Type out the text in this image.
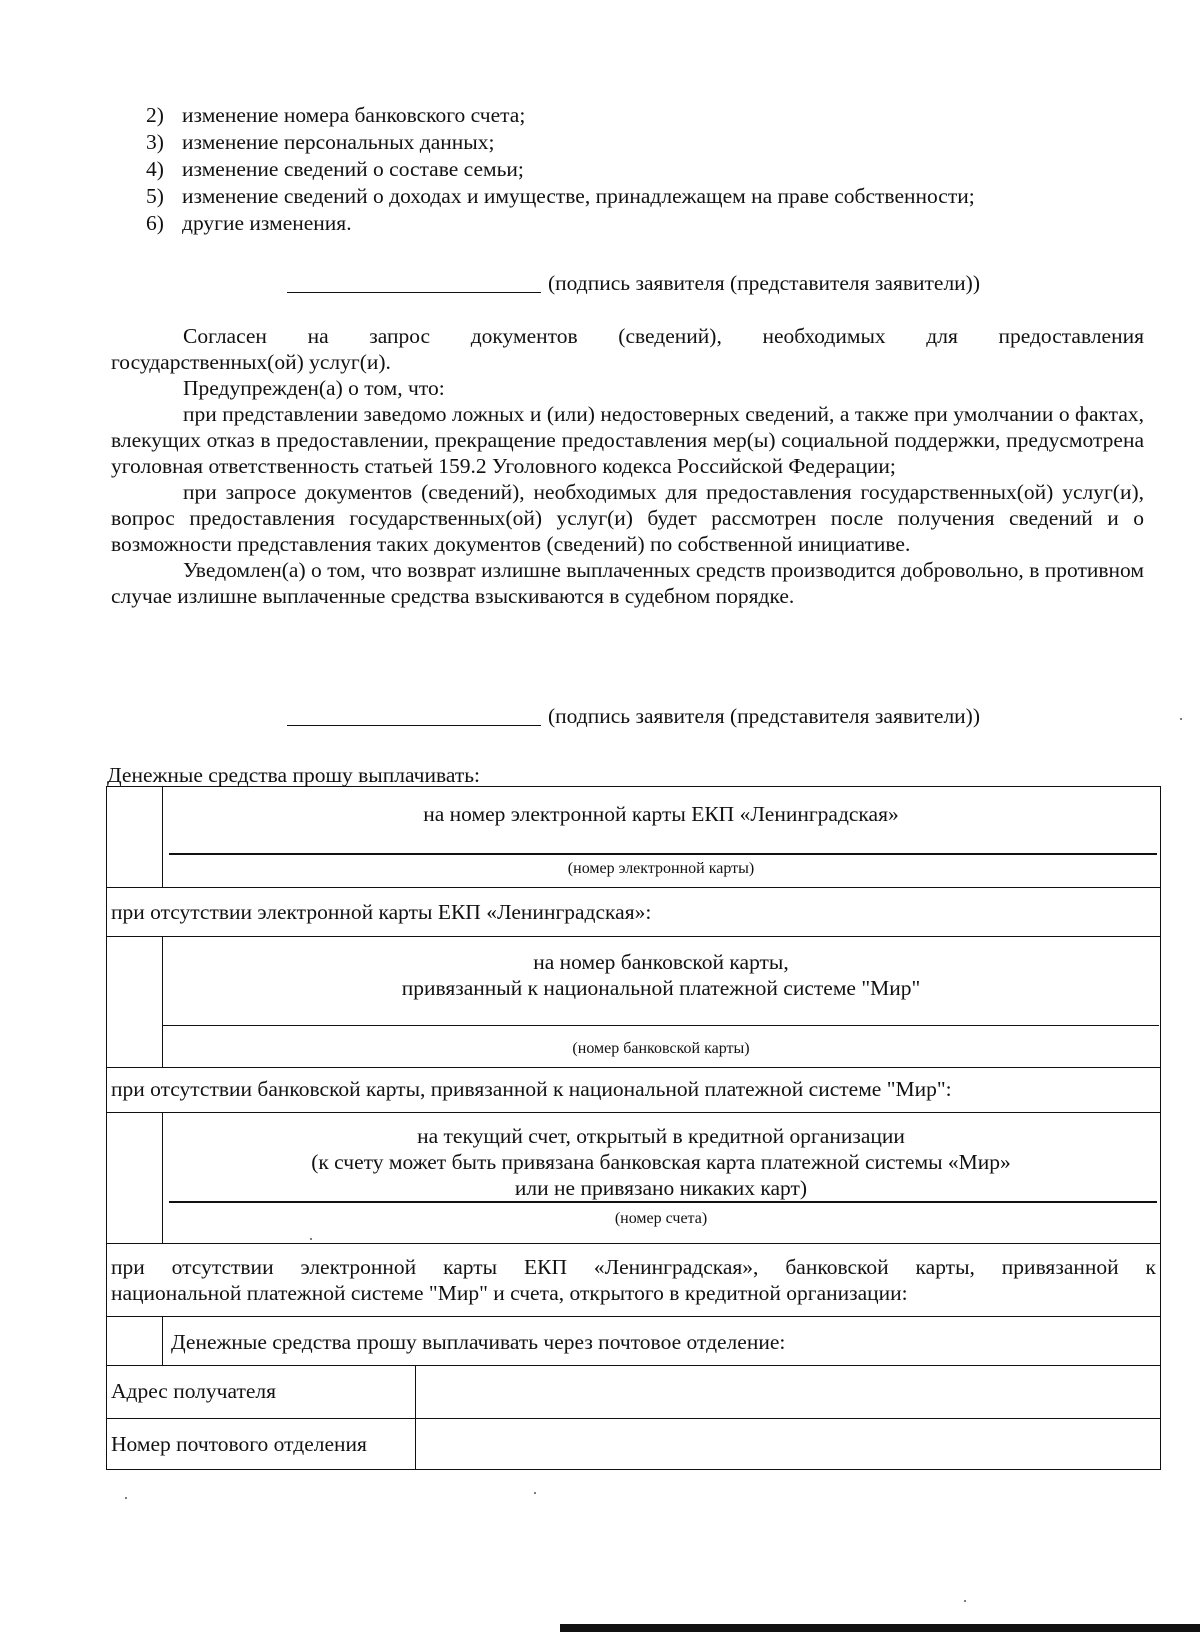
2) изменение номера банковского счета;
3) изменение персональных данных;
4) изменение сведений о составе семьи;
5) изменение сведений о доходах и имуществе, принадлежащем на праве собственности;
6) другие изменения.
(подпись заявителя (представителя заявители))

Согласен на запрос документов (сведений), необходимых для предоставления

государственных(ой) услуг(и).

Предупрежден(а) о том, что:

при представлении заведомо ложных и (или) недостоверных сведений, а также при умолчании о фактах, влекущих отказ в предоставлении, прекращение предоставления мер(ы) социальной поддержки, предусмотрена уголовная ответственность статьей 159.2 Уголовного кодекса Российской Федерации;

при запросе документов (сведений), необходимых для предоставления государственных(ой) услуг(и), вопрос предоставления государственных(ой) услуг(и) будет рассмотрен после получения сведений и о возможности представления таких документов (сведений) по собственной инициативе.

Уведомлен(а) о том, что возврат излишне выплаченных средств производится добровольно, в противном случае излишне выплаченные средства взыскиваются в судебном порядке.

(подпись заявителя (представителя заявители))
Денежные средства прошу выплачивать:
на номер электронной карты ЕКП «Ленинградская»
(номер электронной карты)
при отсутствии электронной карты ЕКП «Ленинградская»:
на номер банковской карты,
привязанный к национальной платежной системе "Мир"
(номер банковской карты)
при отсутствии банковской карты, привязанной к национальной платежной системе "Мир":
на текущий счет, открытый в кредитной организации
(к счету может быть привязана банковская карта платежной системы «Мир»
или не привязано никаких карт)
(номер счета)
при отсутствии электронной карты ЕКП «Ленинградская», банковской карты, привязанной к
национальной платежной системе "Мир" и счета, открытого в кредитной организации:
Денежные средства прошу выплачивать через почтовое отделение:
Адрес получателя
Номер почтового отделения
